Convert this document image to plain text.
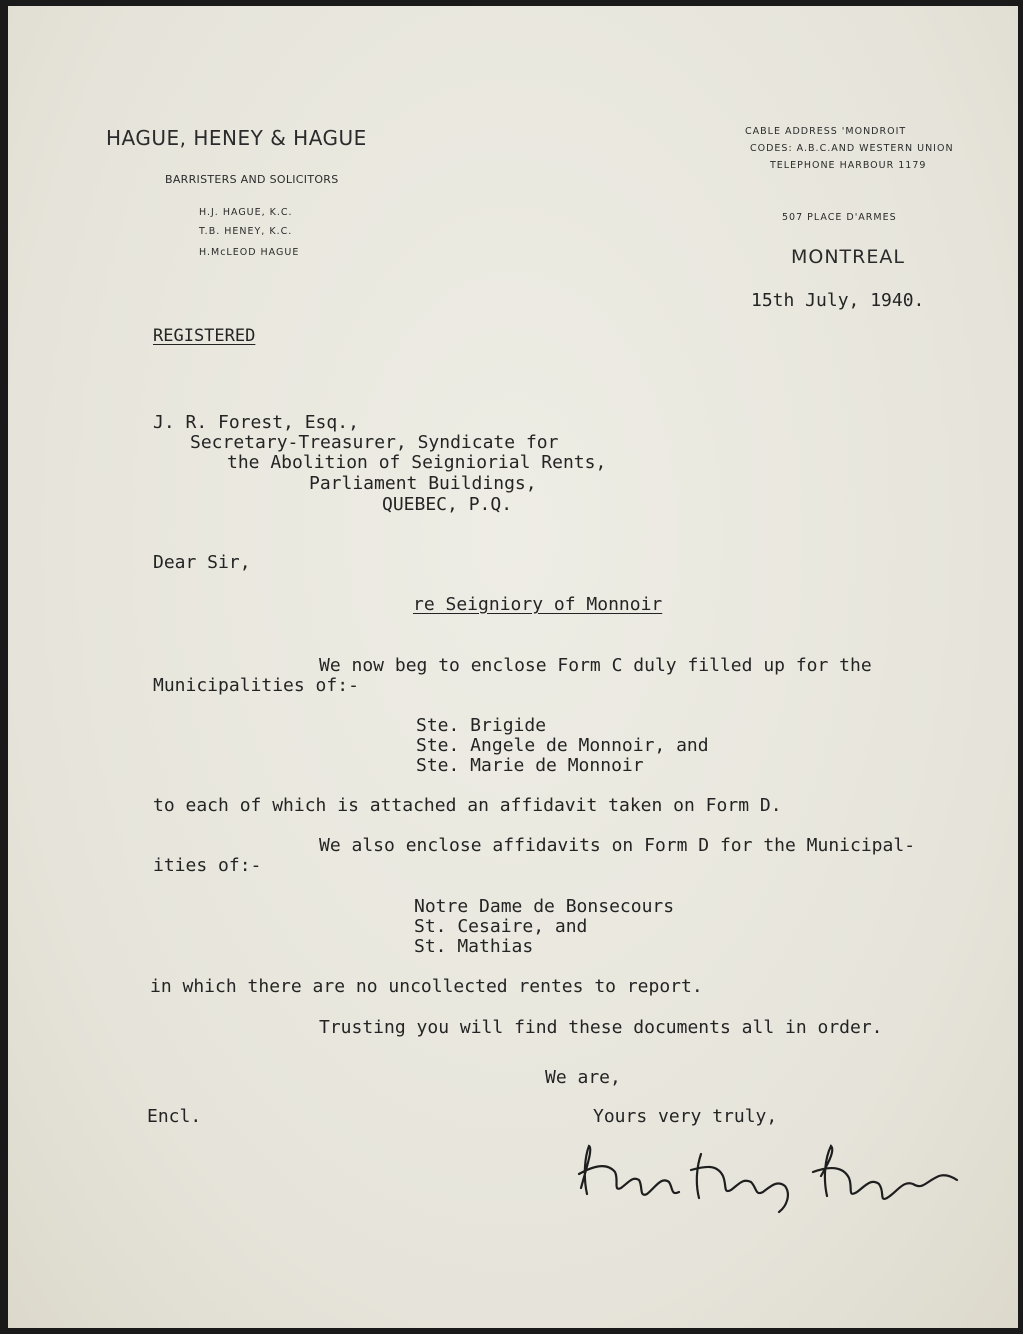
HAGUE, HENEY & HAGUE
BARRISTERS AND SOLICITORS
H.J. HAGUE, K.C.
T.B. HENEY, K.C.
H.McLEOD HAGUE
CABLE ADDRESS 'MONDROIT
CODES: A.B.C.AND WESTERN UNION
TELEPHONE HARBOUR 1179
507 PLACE D'ARMES
MONTREAL
15th July, 1940.
REGISTERED
J. R. Forest, Esq.,
Secretary-Treasurer, Syndicate for
the Abolition of Seigniorial Rents,
Parliament Buildings,
QUEBEC, P.Q.
Dear Sir,
re Seigniory of Monnoir
We now beg to enclose Form C duly filled up for the
Municipalities of:-
Ste. Brigide
Ste. Angele de Monnoir, and
Ste. Marie de Monnoir
to each of which is attached an affidavit taken on Form D.
We also enclose affidavits on Form D for the Municipal-
ities of:-
Notre Dame de Bonsecours
St. Cesaire, and
St. Mathias
in which there are no uncollected rentes to report.
Trusting you will find these documents all in order.
We are,
Encl.	Yours very truly,
